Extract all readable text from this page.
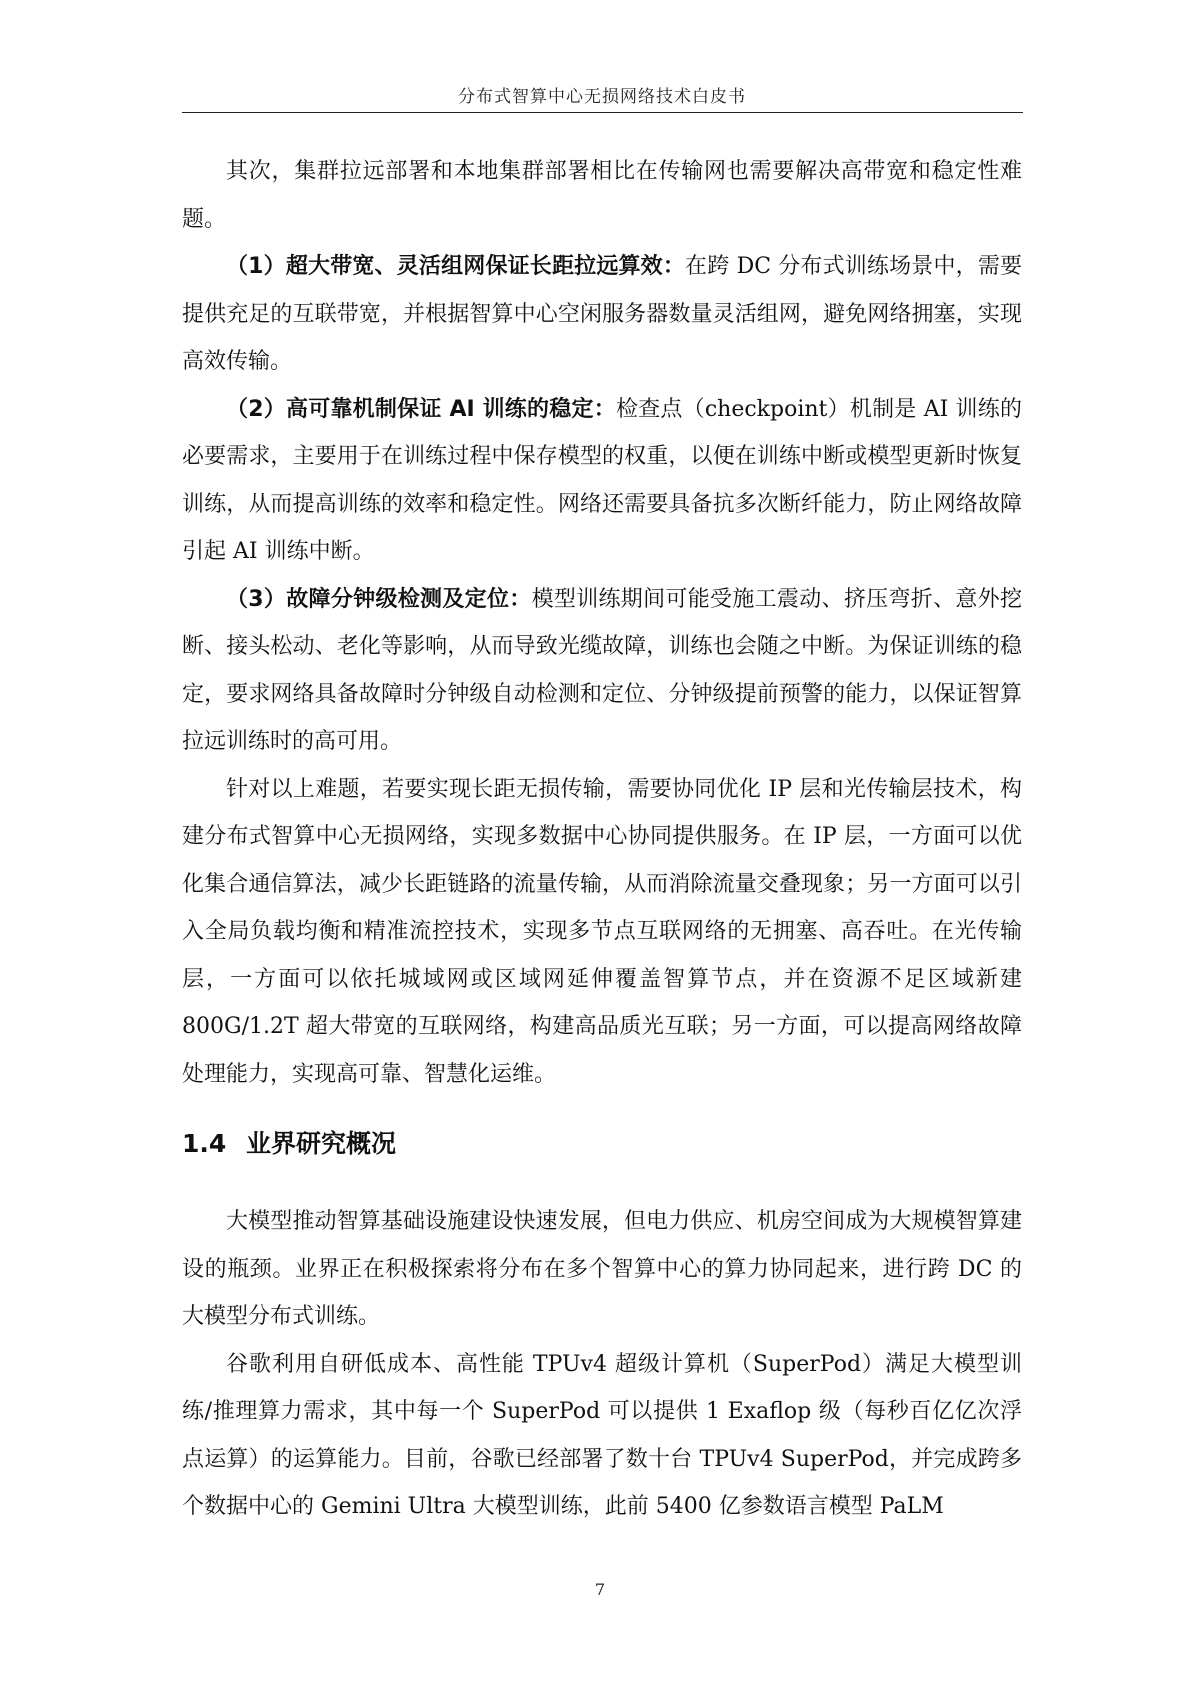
分布式智算中心无损网络技术白皮书

其次，集群拉远部署和本地集群部署相比在传输网也需要解决高带宽和稳定性难题。

（1）超大带宽、灵活组网保证长距拉远算效：在跨 DC 分布式训练场景中，需要提供充足的互联带宽，并根据智算中心空闲服务器数量灵活组网，避免网络拥塞，实现高效传输。

（2）高可靠机制保证 AI 训练的稳定：检查点（checkpoint）机制是 AI 训练的必要需求，主要用于在训练过程中保存模型的权重，以便在训练中断或模型更新时恢复训练，从而提高训练的效率和稳定性。网络还需要具备抗多次断纤能力，防止网络故障引起 AI 训练中断。

（3）故障分钟级检测及定位：模型训练期间可能受施工震动、挤压弯折、意外挖断、接头松动、老化等影响，从而导致光缆故障，训练也会随之中断。为保证训练的稳定，要求网络具备故障时分钟级自动检测和定位、分钟级提前预警的能力，以保证智算拉远训练时的高可用。

针对以上难题，若要实现长距无损传输，需要协同优化 IP 层和光传输层技术，构建分布式智算中心无损网络，实现多数据中心协同提供服务。在 IP 层，一方面可以优化集合通信算法，减少长距链路的流量传输，从而消除流量交叠现象；另一方面可以引入全局负载均衡和精准流控技术，实现多节点互联网络的无拥塞、高吞吐。在光传输层，一方面可以依托城域网或区域网延伸覆盖智算节点，并在资源不足区域新建 800G/1.2T 超大带宽的互联网络，构建高品质光互联；另一方面，可以提高网络故障处理能力，实现高可靠、智慧化运维。

1.4 业界研究概况

大模型推动智算基础设施建设快速发展，但电力供应、机房空间成为大规模智算建设的瓶颈。业界正在积极探索将分布在多个智算中心的算力协同起来，进行跨 DC 的大模型分布式训练。

谷歌利用自研低成本、高性能 TPUv4 超级计算机（SuperPod）满足大模型训练/推理算力需求，其中每一个 SuperPod 可以提供 1 Exaflop 级（每秒百亿亿次浮点运算）的运算能力。目前，谷歌已经部署了数十台 TPUv4 SuperPod，并完成跨多个数据中心的 Gemini Ultra 大模型训练，此前 5400 亿参数语言模型 PaLM

7
